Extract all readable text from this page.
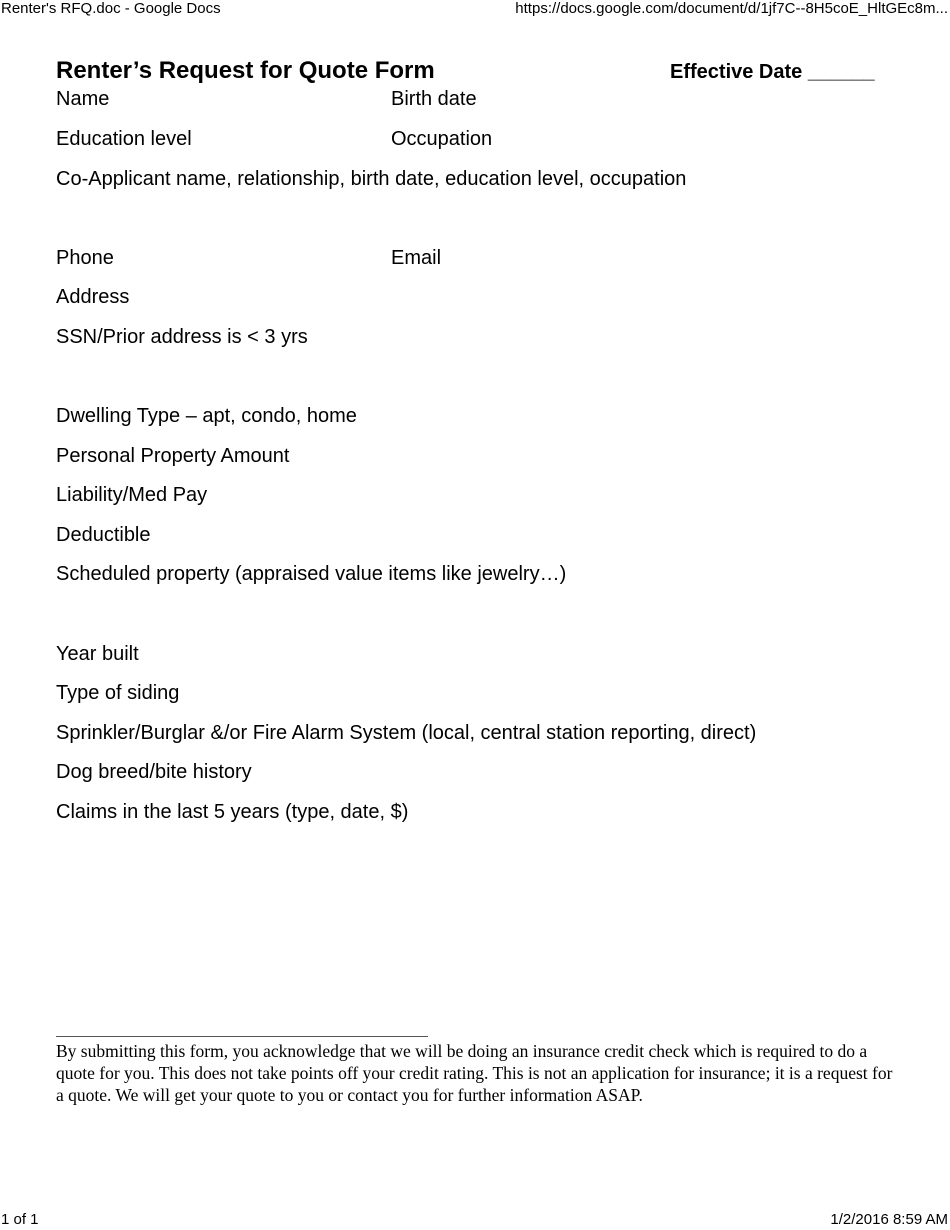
Renter's RFQ.doc - Google Docs	https://docs.google.com/document/d/1jf7C--8H5coE_HltGEc8m...
Renter’s Request for Quote Form	Effective Date ______
Name	Birth date
Education level	Occupation
Co-Applicant name, relationship, birth date, education level, occupation
Phone	Email
Address
SSN/Prior address is < 3 yrs
Dwelling Type – apt, condo, home
Personal Property Amount
Liability/Med Pay
Deductible
Scheduled property (appraised value items like jewelry…)
Year built
Type of siding
Sprinkler/Burglar &/or Fire Alarm System (local, central station reporting, direct)
Dog breed/bite history
Claims in the last 5 years (type, date, $)
By submitting this form, you acknowledge that we will be doing an insurance credit check which is required to do a quote for you. This does not take points off your credit rating. This is not an application for insurance; it is a request for a quote. We will get your quote to you or contact you for further information ASAP.
1 of 1	1/2/2016 8:59 AM
